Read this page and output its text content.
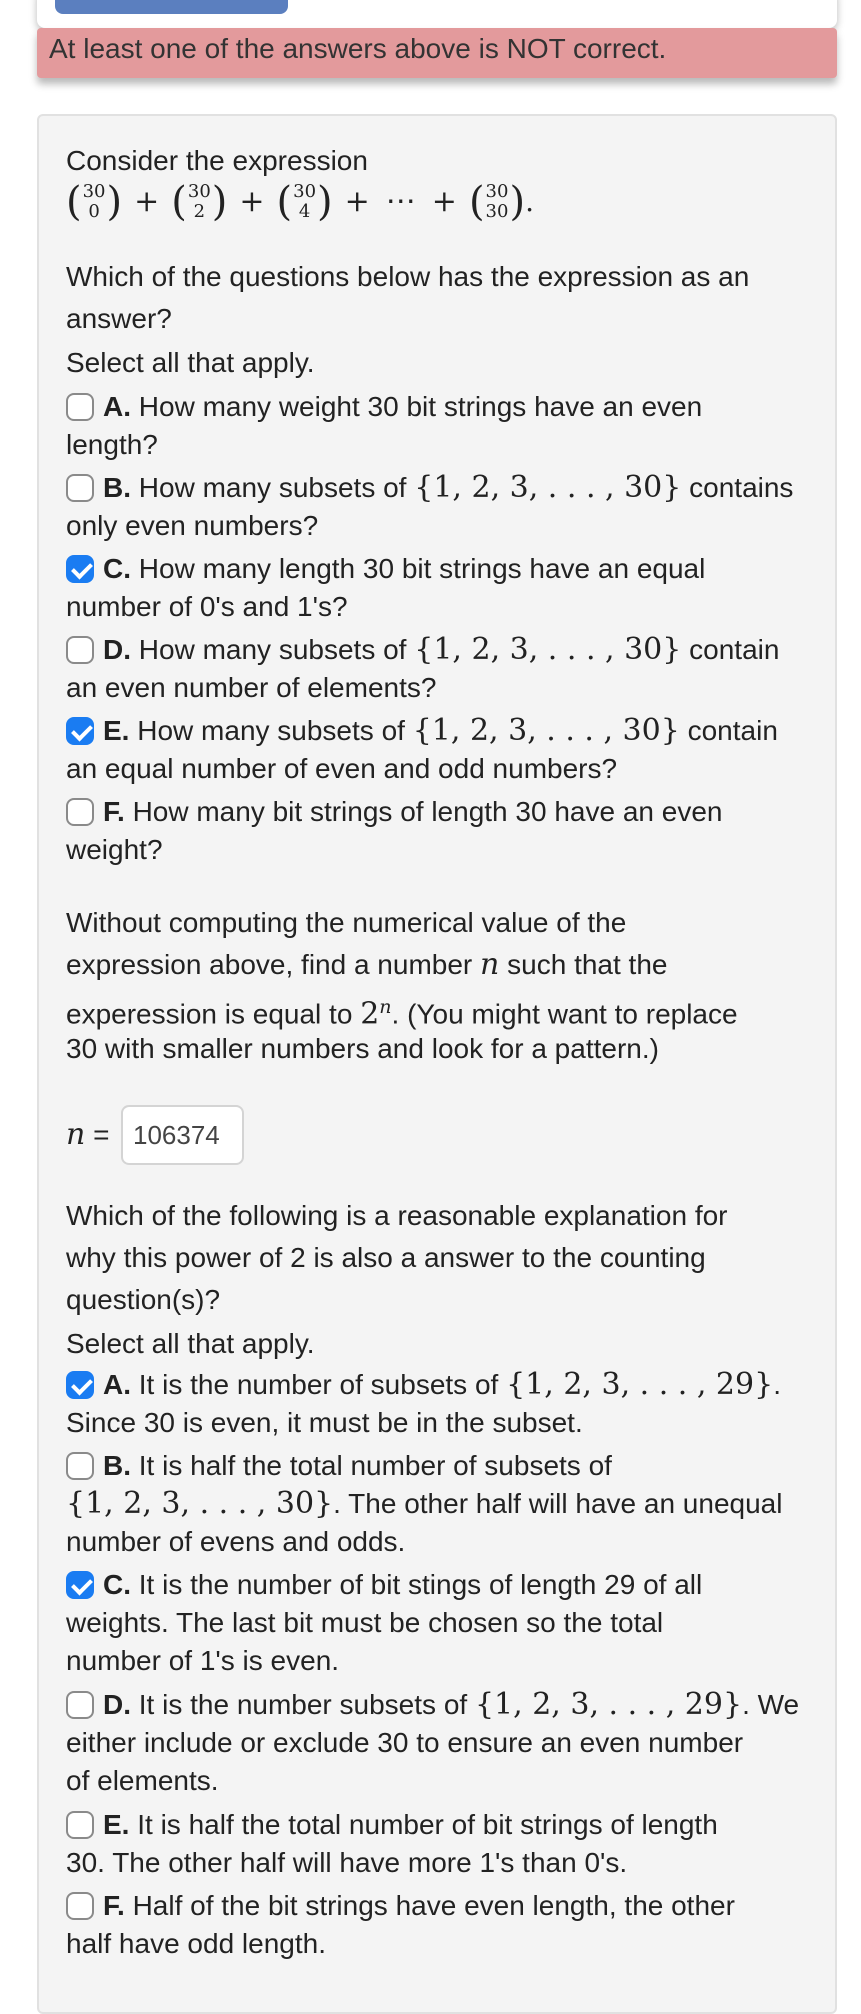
At least one of the answers above is NOT correct.
Consider the expression
( 30
0 ) + ( 30
2 ) + ( 30
4 ) + ⋯ + ( 30
30 ) .
Which of the questions below has the expression as an
answer?
Select all that apply.
A. How many weight 30 bit strings have an even
length?
B. How many subsets of {1, 2, 3, . . . , 30} contains
only even numbers?
C. How many length 30 bit strings have an equal
number of 0's and 1's?
D. How many subsets of {1, 2, 3, . . . , 30} contain
an even number of elements?
E. How many subsets of {1, 2, 3, . . . , 30} contain
an equal number of even and odd numbers?
F. How many bit strings of length 30 have an even
weight?
Without computing the numerical value of the
expression above, find a number n such that the
experession is equal to 2$^n$. (You might want to replace
30 with smaller numbers and look for a pattern.)
n =
106374
Which of the following is a reasonable explanation for
why this power of 2 is also a answer to the counting
question(s)?
Select all that apply.
A. It is the number of subsets of {1, 2, 3, . . . , 29}.
Since 30 is even, it must be in the subset.
B. It is half the total number of subsets of
{1, 2, 3, . . . , 30}. The other half will have an unequal
number of evens and odds.
C. It is the number of bit stings of length 29 of all
weights. The last bit must be chosen so the total
number of 1's is even.
D. It is the number subsets of {1, 2, 3, . . . , 29}. We
either include or exclude 30 to ensure an even number
of elements.
E. It is half the total number of bit strings of length
30. The other half will have more 1's than 0's.
F. Half of the bit strings have even length, the other
half have odd length.
